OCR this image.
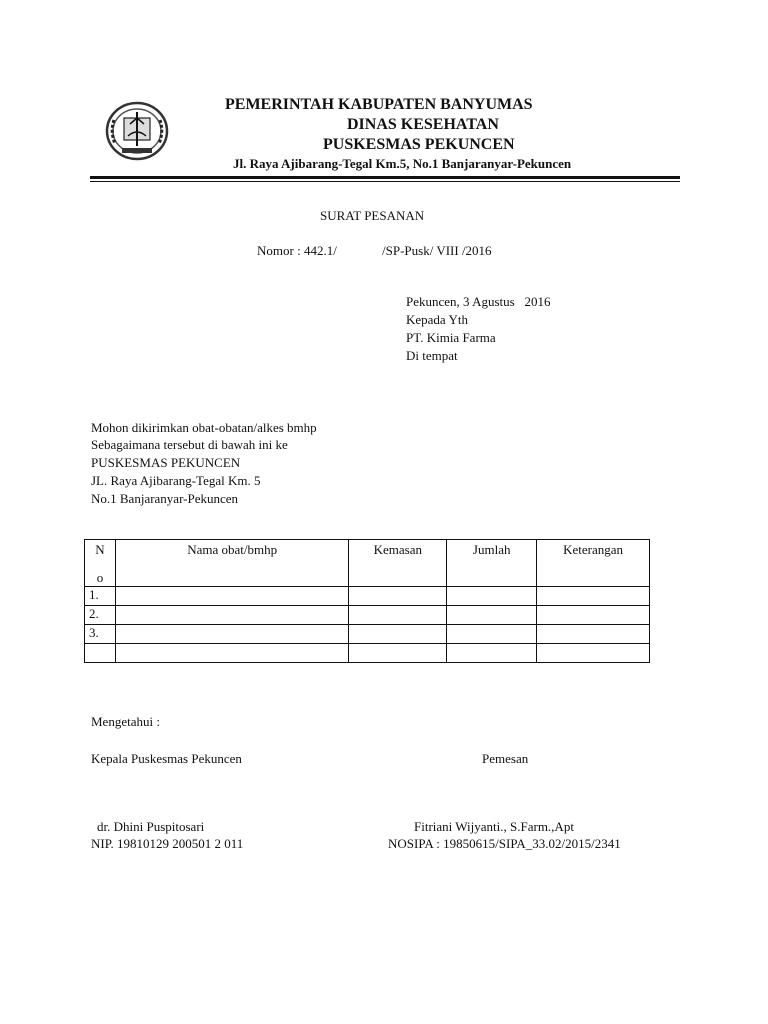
PEMERINTAH KABUPATEN BANYUMAS
DINAS KESEHATAN
PUSKESMAS PEKUNCEN
Jl. Raya Ajibarang-Tegal Km.5, No.1 Banjaranyar-Pekuncen
SURAT PESANAN
Nomor : 442.1/	/SP-Pusk/ VIII /2016
Pekuncen, 3 Agustus   2016
Kepada Yth
PT. Kimia Farma
Di tempat
Mohon dikirimkan obat-obatan/alkes bmhp
Sebagaimana tersebut di bawah ini ke
PUSKESMAS PEKUNCEN
JL. Raya Ajibarang-Tegal Km. 5
No.1 Banjaranyar-Pekuncen
N
o	Nama obat/bmhp	Kemasan	Jumlah	Keterangan
1.				
2.				
3.				

Mengetahui :
Kepala Puskesmas Pekuncen	Pemesan
dr. Dhini Puspitosari
NIP. 19810129 200501 2 011
Fitriani Wijyanti., S.Farm.,Apt
NOSIPA : 19850615/SIPA_33.02/2015/2341
